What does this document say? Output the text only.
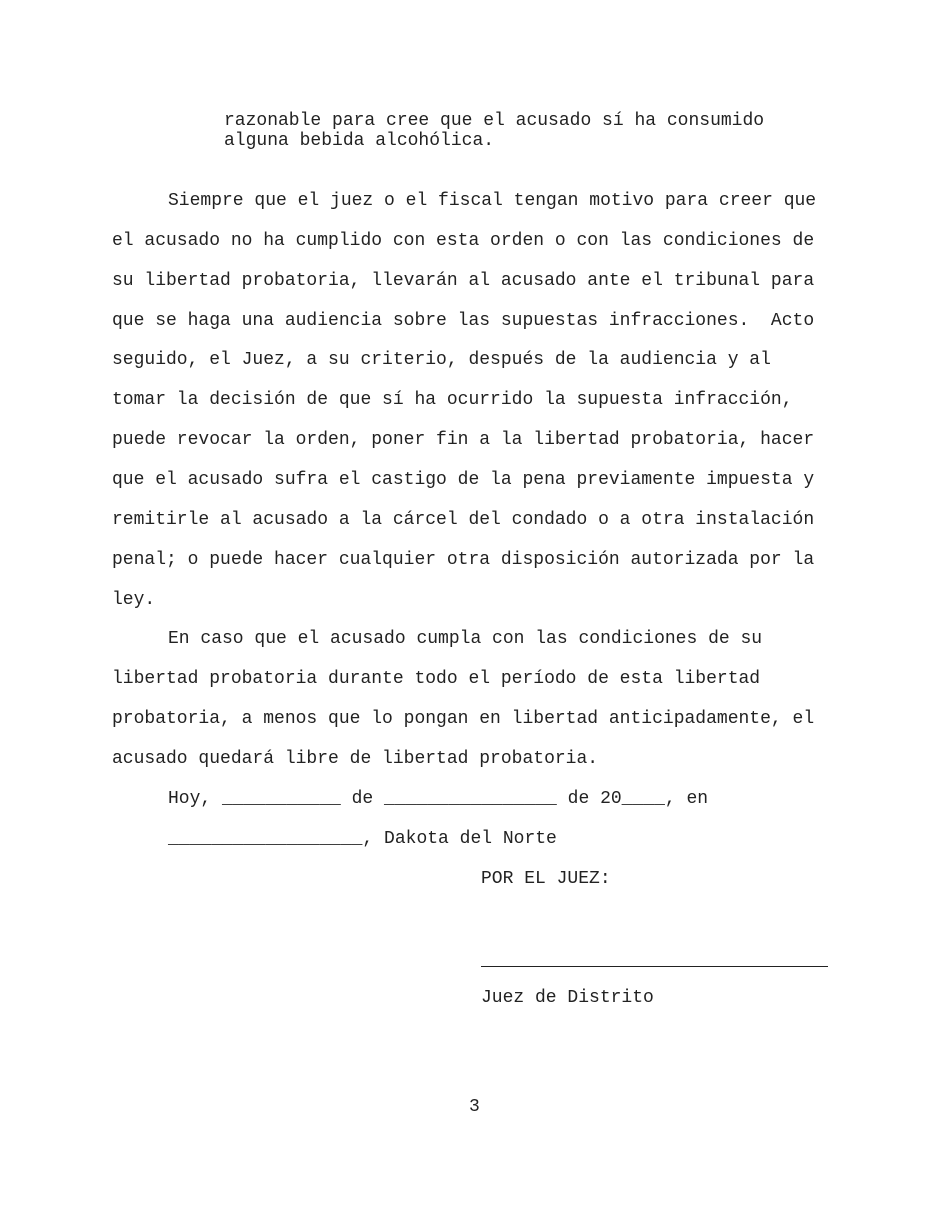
razonable para cree que el acusado sí ha consumido

alguna bebida alcohólica.

Siempre que el juez o el fiscal tengan motivo para creer que

el acusado no ha cumplido con esta orden o con las condiciones de

su libertad probatoria, llevarán al acusado ante el tribunal para

que se haga una audiencia sobre las supuestas infracciones.  Acto

seguido, el Juez, a su criterio, después de la audiencia y al

tomar la decisión de que sí ha ocurrido la supuesta infracción,

puede revocar la orden, poner fin a la libertad probatoria, hacer

que el acusado sufra el castigo de la pena previamente impuesta y

remitirle al acusado a la cárcel del condado o a otra instalación

penal; o puede hacer cualquier otra disposición autorizada por la

ley.

En caso que el acusado cumpla con las condiciones de su

libertad probatoria durante todo el período de esta libertad

probatoria, a menos que lo pongan en libertad anticipadamente, el

acusado quedará libre de libertad probatoria.

Hoy, ___________ de ________________ de 20____, en

__________________, Dakota del Norte

POR EL JUEZ:

Juez de Distrito

3
